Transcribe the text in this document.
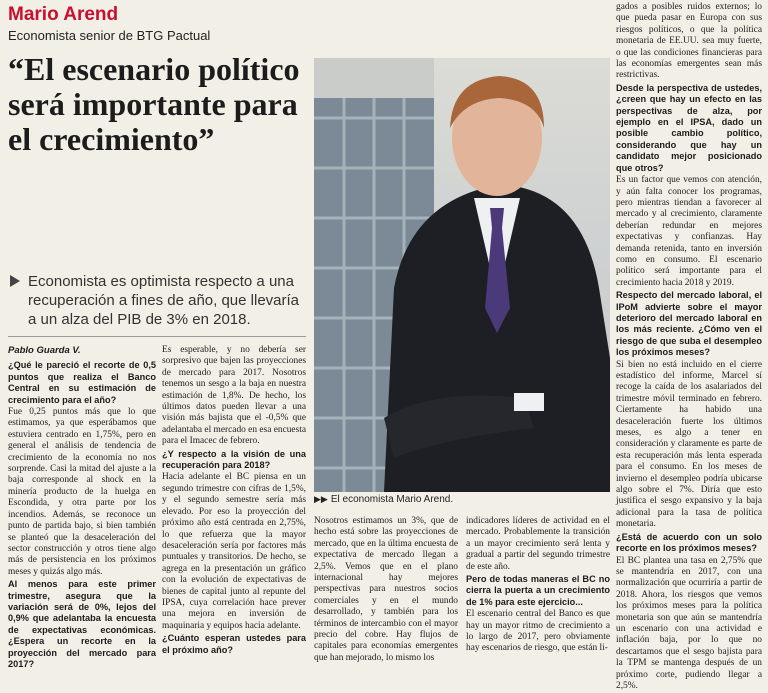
Mario Arend
Economista senior de BTG Pactual
“El escenario político será importante para el crecimiento”
Economista es optimista respecto a una recuperación a fines de año, que llevaría a un alza del PIB de 3% en 2018.
▶▶ El economista Mario Arend.

Pablo Guarda V.

¿Qué le pareció el recorte de 0,5 puntos que realiza el Banco Central en su estimación de crecimiento para el año?

Fue 0,25 puntos más que lo que estimamos, ya que esperábamos que estuviera centrado en 1,75%, pero en general el análisis de tendencia de crecimiento de la economía no nos sorprende. Casi la mitad del ajuste a la baja corresponde al shock en la minería producto de la huelga en Escondida, y otra parte por los incendios. Además, se reconoce un punto de partida bajo, si bien también se planteó que la desaceleración del sector construcción y otros tiene algo más de persistencia en los próximos meses y quizás algo más.

Al menos para este primer trimestre, asegura que la variación será de 0%, lejos del 0,9% que adelantaba la encuesta de expectativas económicas. ¿Espera un recorte en la proyección del mercado para 2017?

Es esperable, y no debería ser sorpresivo que bajen las proyecciones de mercado para 2017. Nosotros tenemos un sesgo a la baja en nuestra estimación de 1,8%. De hecho, los últimos datos pueden llevar a una visión más bajista que el -0,5% que adelantaba el mercado en esa encuesta para el Imacec de febrero.

¿Y respecto a la visión de una recuperación para 2018?

Hacia adelante el BC piensa en un segundo trimestre con cifras de 1,5%, y el segundo semestre sería más elevado. Por eso la proyección del próximo año está centrada en 2,75%, lo que refuerza que la mayor desaceleración sería por factores más puntuales y transitorios. De hecho, se agrega en la presentación un gráfico con la evolución de expectativas de bienes de capital junto al repunte del IPSA, cuya correlación hace prever una mejora en inversión de maquinaria y equipos hacia adelante.

¿Cuánto esperan ustedes para el próximo año?

Nosotros estimamos un 3%, que de hecho está sobre las proyecciones de mercado, que en la última encuesta de expectativa de mercado llegan a 2,5%. Vemos que en el plano internacional hay mejores perspectivas para nuestros socios comerciales y en el mundo desarrollado, y también para los términos de intercambio con el mayor precio del cobre. Hay flujos de capitales para economías emergentes que han mejorado, lo mismo los

indicadores líderes de actividad en el mercado. Probablemente la transición a un mayor crecimiento será lenta y gradual a partir del segundo trimestre de este año.

Pero de todas maneras el BC no cierra la puerta a un crecimiento de 1% para este ejercicio...

El escenario central del Banco es que hay un mayor ritmo de crecimiento a lo largo de 2017, pero obviamente hay escenarios de riesgo, que están li-

gados a posibles ruidos externos; lo que pueda pasar en Europa con sus riesgos políticos, o que la política monetaria de EE.UU. sea muy fuerte, o que las condiciones financieras para las economías emergentes sean más restrictivas.

Desde la perspectiva de ustedes, ¿creen que hay un efecto en las perspectivas de alza, por ejemplo en el IPSA, dado un posible cambio político, considerando que hay un candidato mejor posicionado que otros?

Es un factor que vemos con atención, y aún falta conocer los programas, pero mientras tiendan a favorecer al mercado y al crecimiento, claramente deberían redundar en mejores expectativas y confianzas. Hay demanda retenida, tanto en inversión como en consumo. El escenario político será importante para el crecimiento hacia 2018 y 2019.

Respecto del mercado laboral, el IPoM advierte sobre el mayor deterioro del mercado laboral en los más reciente. ¿Cómo ven el riesgo de que suba el desempleo los próximos meses?

Si bien no está incluido en el cierre estadístico del informe, Marcel sí recoge la caída de los asalariados del trimestre móvil terminado en febrero. Ciertamente ha habido una desaceleración fuerte los últimos meses, es algo a tener en consideración y claramente es parte de esta recuperación más lenta esperada para el consumo. En los meses de invierno el desempleo podría ubicarse algo sobre el 7%. Diría que esto justifica el sesgo expansivo y la baja adicional para la tasa de política monetaria.

¿Está de acuerdo con un solo recorte en los próximos meses?

El BC plantea una tasa en 2,75% que se mantendría en 2017, con una normalización que ocurriría a partir de 2018. Ahora, los riesgos que vemos los próximos meses para la política monetaria son que aún se mantendría un escenario con una actividad e inflación baja, por lo que no descartamos que el sesgo bajista para la TPM se mantenga después de un próximo corte, pudiendo llegar a 2,5%.
